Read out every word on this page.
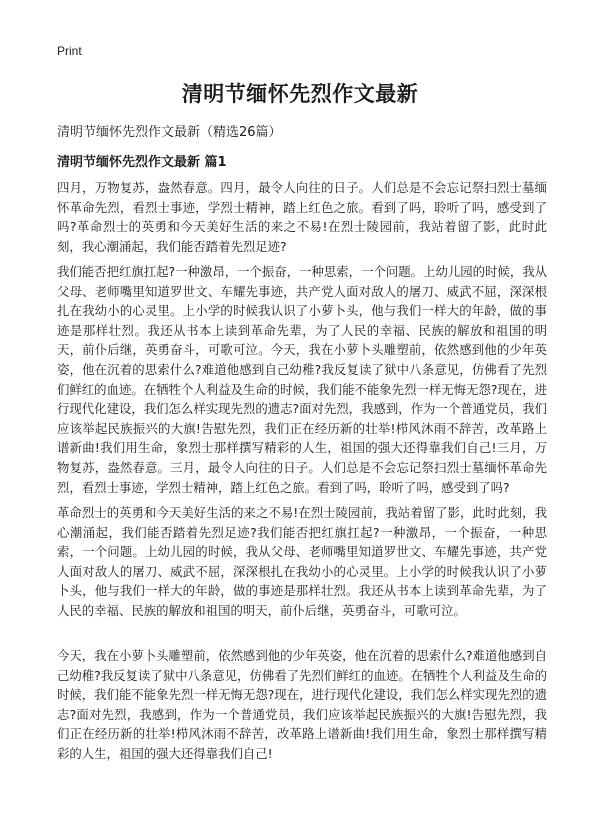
Print
清明节缅怀先烈作文最新

清明节缅怀先烈作文最新（精选26篇）

清明节缅怀先烈作文最新 篇1

四月，万物复苏，盎然春意。四月，最令人向往的日子。人们总是不会忘记祭扫烈士墓缅怀革命先烈，看烈士事迹，学烈士精神，踏上红色之旅。看到了吗，聆听了吗，感受到了吗?革命烈士的英勇和今天美好生活的来之不易!在烈士陵园前，我站着留了影，此时此刻，我心潮涌起，我们能否踏着先烈足迹?

我们能否把红旗扛起?一种激昂，一个振奋，一种思索，一个问题。上幼儿园的时候，我从父母、老师嘴里知道罗世文、车耀先事迹，共产党人面对敌人的屠刀、威武不屈，深深根扎在我幼小的心灵里。上小学的时候我认识了小萝卜头，他与我们一样大的年龄，做的事迹是那样壮烈。我还从书本上读到革命先辈，为了人民的幸福、民族的解放和祖国的明天，前仆后继，英勇奋斗，可歌可泣。今天，我在小萝卜头雕塑前，依然感到他的少年英姿，他在沉着的思索什么?难道他感到自己幼稚?我反复读了狱中八条意见，仿佛看了先烈们鲜红的血迹。在牺牲个人利益及生命的时候，我们能不能象先烈一样无悔无怨?现在，进行现代化建设，我们怎么样实现先烈的遗志?面对先烈，我感到，作为一个普通党员，我们应该举起民族振兴的大旗!告慰先烈，我们正在经历新的壮举!栉风沐雨不辞苦，改革路上谱新曲!我们用生命，象烈士那样撰写精彩的人生，祖国的强大还得靠我们自己!三月，万物复苏，盎然春意。三月，最令人向往的日子。人们总是不会忘记祭扫烈士墓缅怀革命先烈，看烈士事迹，学烈士精神，踏上红色之旅。看到了吗，聆听了吗，感受到了吗?

革命烈士的英勇和今天美好生活的来之不易!在烈士陵园前，我站着留了影，此时此刻，我心潮涌起，我们能否踏着先烈足迹?我们能否把红旗扛起?一种激昂，一个振奋，一种思索，一个问题。上幼儿园的时候，我从父母、老师嘴里知道罗世文、车耀先事迹，共产党人面对敌人的屠刀、威武不屈，深深根扎在我幼小的心灵里。上小学的时候我认识了小萝卜头，他与我们一样大的年龄，做的事迹是那样壮烈。我还从书本上读到革命先辈，为了人民的幸福、民族的解放和祖国的明天，前仆后继，英勇奋斗，可歌可泣。

今天，我在小萝卜头雕塑前，依然感到他的少年英姿，他在沉着的思索什么?难道他感到自己幼稚?我反复读了狱中八条意见，仿佛看了先烈们鲜红的血迹。在牺牲个人利益及生命的时候，我们能不能象先烈一样无悔无怨?现在，进行现代化建设，我们怎么样实现先烈的遗志?面对先烈，我感到，作为一个普通党员，我们应该举起民族振兴的大旗!告慰先烈，我们正在经历新的壮举!栉风沐雨不辞苦，改革路上谱新曲!我们用生命，象烈士那样撰写精彩的人生，祖国的强大还得靠我们自己!
